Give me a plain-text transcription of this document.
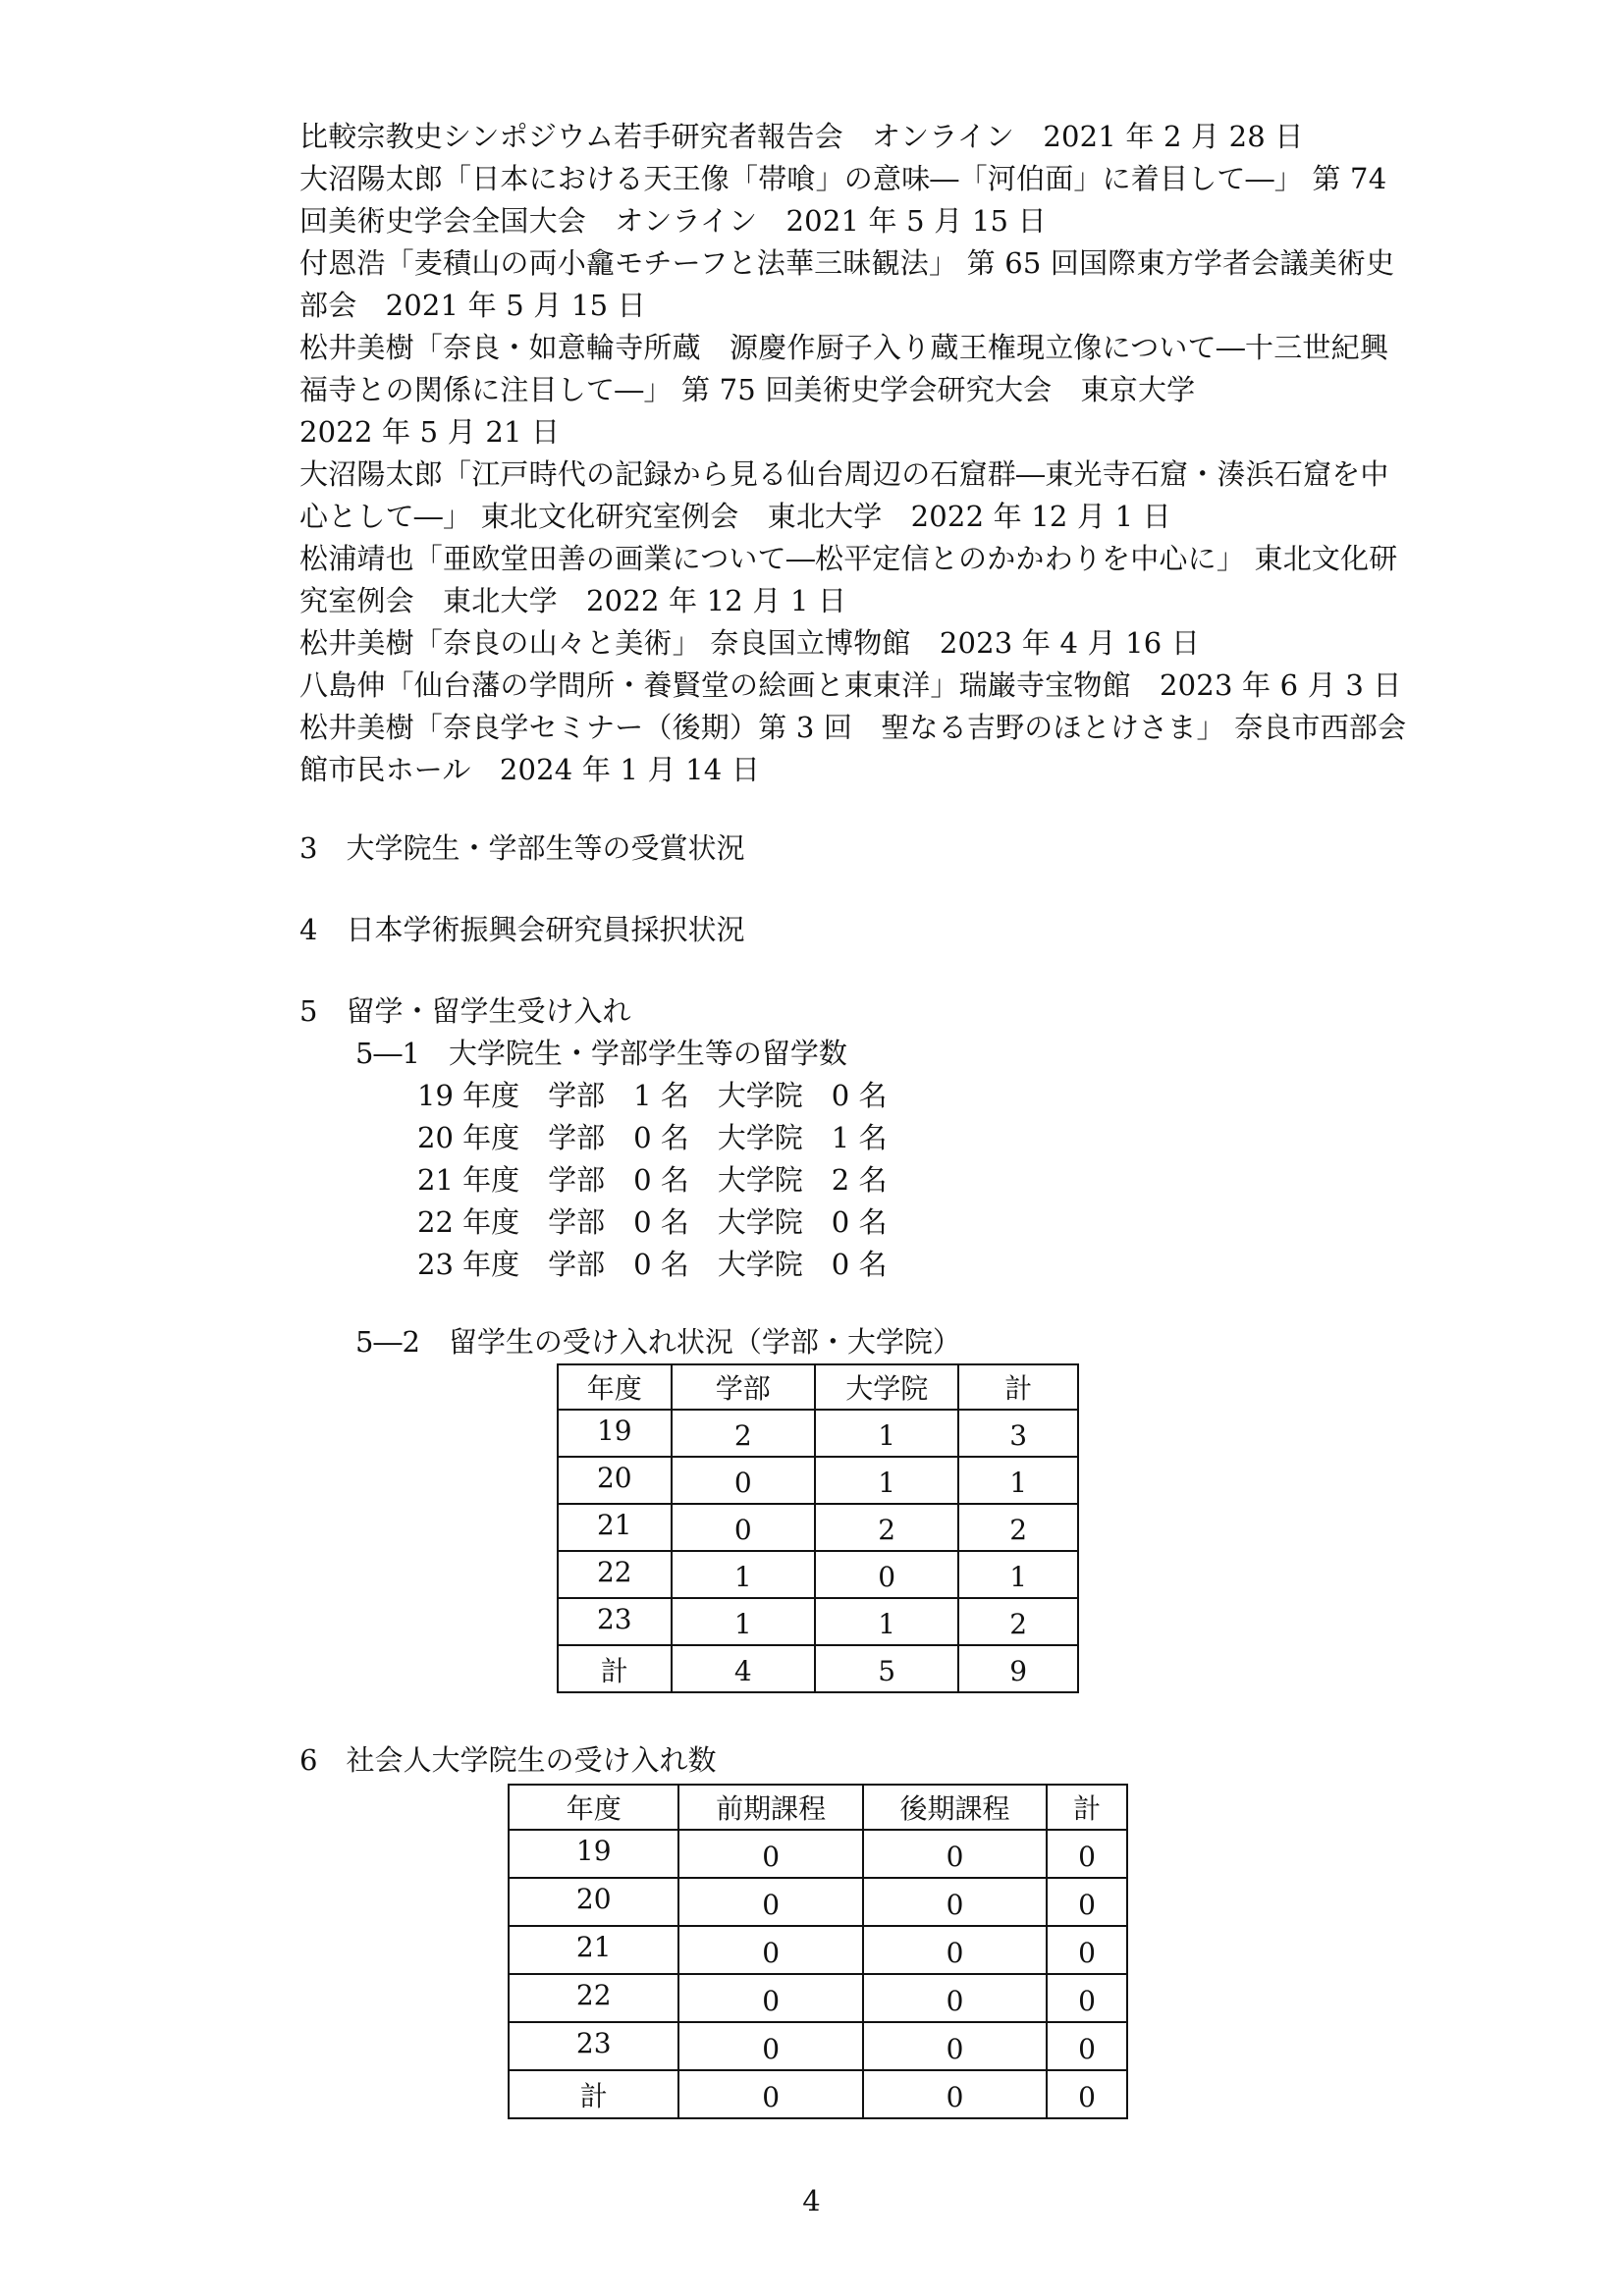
比較宗教史シンポジウム若手研究者報告会　オンライン　2021 年 2 月 28 日

大沼陽太郎「日本における天王像「帯喰」の意味―「河伯面」に着目して―」 第 74 回美術史学会全国大会　オンライン　2021 年 5 月 15 日

付恩浩「麦積山の両小龕モチーフと法華三昧観法」 第 65 回国際東方学者会議美術史部会　2021 年 5 月 15 日

松井美樹「奈良・如意輪寺所蔵　源慶作厨子入り蔵王権現立像について―十三世紀興福寺との関係に注目して―」 第 75 回美術史学会研究大会　東京大学

2022 年 5 月 21 日

大沼陽太郎「江戸時代の記録から見る仙台周辺の石窟群―東光寺石窟・湊浜石窟を中心として―」 東北文化研究室例会　東北大学　2022 年 12 月 1 日

松浦靖也「亜欧堂田善の画業について―松平定信とのかかわりを中心に」 東北文化研究室例会　東北大学　2022 年 12 月 1 日

松井美樹「奈良の山々と美術」 奈良国立博物館　2023 年 4 月 16 日

八島伸「仙台藩の学問所・養賢堂の絵画と東東洋」瑞巌寺宝物館　2023 年 6 月 3 日

松井美樹「奈良学セミナー（後期）第 3 回　聖なる吉野のほとけさま」 奈良市西部会館市民ホール　2024 年 1 月 14 日

3　大学院生・学部生等の受賞状況

4　日本学術振興会研究員採択状況

5　留学・留学生受け入れ

5―1　大学院生・学部学生等の留学数

19 年度　学部　1 名　大学院　0 名

20 年度　学部　0 名　大学院　1 名

21 年度　学部　0 名　大学院　2 名

22 年度　学部　0 名　大学院　0 名

23 年度　学部　0 名　大学院　0 名

5―2　留学生の受け入れ状況（学部・大学院）

年度	学部	大学院	計
19	2	1	3
20	0	1	1
21	0	2	2
22	1	0	1
23	1	1	2
計	4	5	9

6　社会人大学院生の受け入れ数

年度	前期課程	後期課程	計
19	0	0	0
20	0	0	0
21	0	0	0
22	0	0	0
23	0	0	0
計	0	0	0
4
